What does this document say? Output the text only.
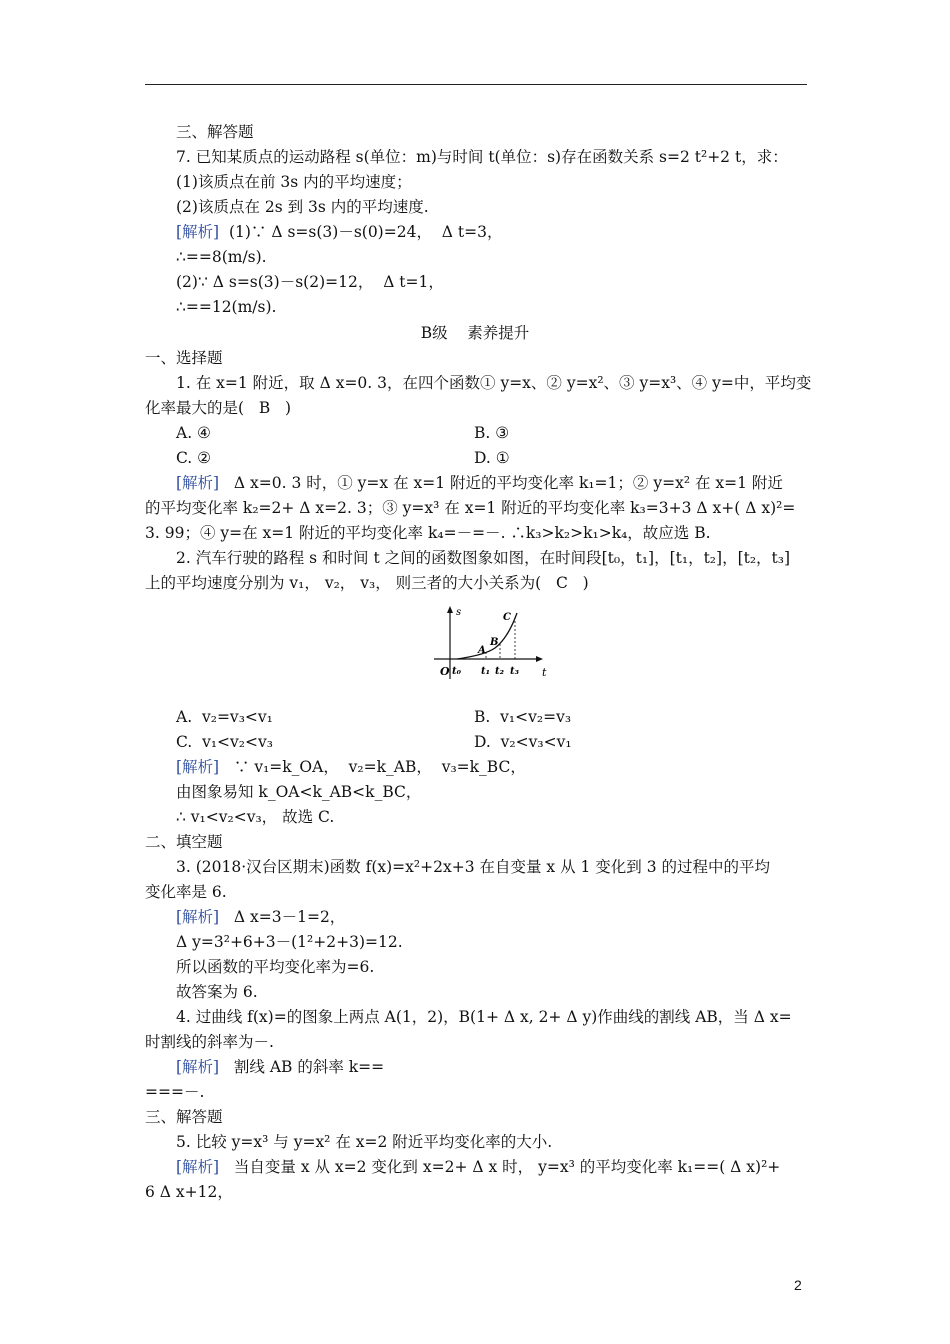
三、解答题
7. 已知某质点的运动路程 s(单位：m)与时间 t(单位：s)存在函数关系 s=2 t²+2 t，求：
(1)该质点在前 3s 内的平均速度；
(2)该质点在 2s 到 3s 内的平均速度.
[解析]  (1)∵ Δ s=s(3)－s(0)=24，  Δ t=3，
∴==8(m/s).
(2)∵ Δ s=s(3)－s(2)=12，  Δ t=1，
∴==12(m/s).
B级    素养提升
一、选择题
1. 在 x=1 附近，取 Δ x=0. 3，在四个函数① y=x、② y=x²、③ y=x³、④ y=中，平均变
化率最大的是(   B   )
A. ④	B. ③
C. ②	D. ①
[解析]   Δ x=0. 3 时，① y=x 在 x=1 附近的平均变化率 k₁=1；② y=x² 在 x=1 附近
的平均变化率 k₂=2+ Δ x=2. 3；③ y=x³ 在 x=1 附近的平均变化率 k₃=3+3 Δ x+( Δ x)²=
3. 99；④ y=在 x=1 附近的平均变化率 k₄=－=－. ∴k₃>k₂>k₁>k₄，故应选 B.
2. 汽车行驶的路程 s 和时间 t 之间的函数图象如图，在时间段[t₀，t₁]，[t₁，t₂]，[t₂，t₃]
上的平均速度分别为 v₁， v₂， v₃， 则三者的大小关系为(   C   )
s
t
O
A
B
C
t₀ t₁ t₂ t₃
A.  v₂=v₃<v₁	B.  v₁<v₂=v₃
C.  v₁<v₂<v₃	D.  v₂<v₃<v₁
[解析]   ∵ v₁=k_OA，  v₂=k_AB，  v₃=k_BC，
由图象易知 k_OA<k_AB<k_BC，
∴ v₁<v₂<v₃， 故选 C.
二、填空题
3. (2018·汉台区期末)函数 f(x)=x²+2x+3 在自变量 x 从 1 变化到 3 的过程中的平均
变化率是 6.
[解析]   Δ x=3－1=2，
Δ y=3²+6+3－(1²+2+3)=12.
所以函数的平均变化率为=6.
故答案为 6.
4. 过曲线 f(x)=的图象上两点 A(1，2)，B(1+ Δ x, 2+ Δ y)作曲线的割线 AB，当 Δ x=
时割线的斜率为－.
[解析]   割线 AB 的斜率 k==
===－.
三、解答题
5. 比较 y=x³ 与 y=x² 在 x=2 附近平均变化率的大小.
[解析]   当自变量 x 从 x=2 变化到 x=2+ Δ x 时， y=x³ 的平均变化率 k₁==( Δ x)²+
6 Δ x+12，
2
